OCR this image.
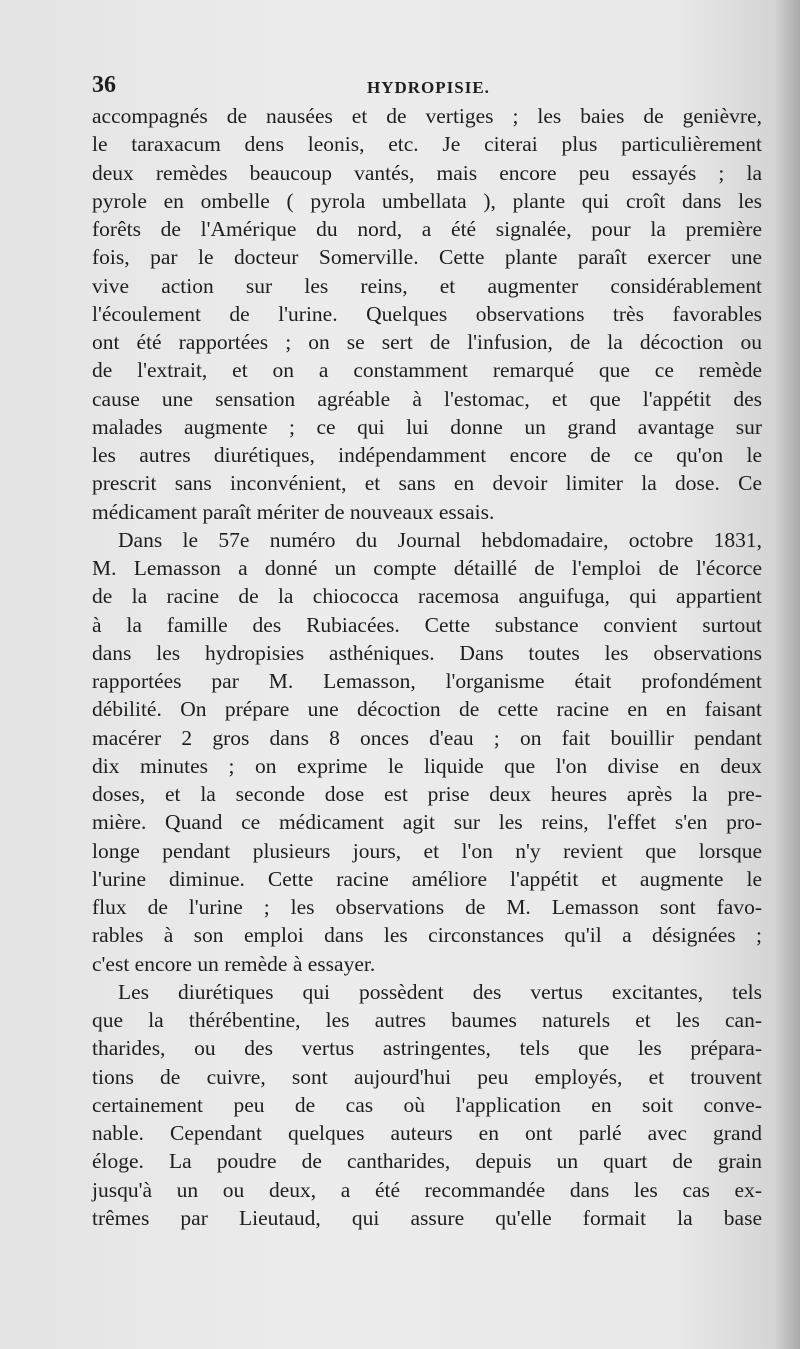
36	HYDROPISIE.
accompagnés de nausées et de vertiges ; les baies de genièvre,
le taraxacum dens leonis, etc. Je citerai plus particulièrement
deux remèdes beaucoup vantés, mais encore peu essayés ; la
pyrole en ombelle ( pyrola umbellata ), plante qui croît dans les
forêts de l'Amérique du nord, a été signalée, pour la première
fois, par le docteur Somerville. Cette plante paraît exercer une
vive action sur les reins, et augmenter considérablement
l'écoulement de l'urine. Quelques observations très favorables
ont été rapportées ; on se sert de l'infusion, de la décoction ou
de l'extrait, et on a constamment remarqué que ce remède
cause une sensation agréable à l'estomac, et que l'appétit des
malades augmente ; ce qui lui donne un grand avantage sur
les autres diurétiques, indépendamment encore de ce qu'on le
prescrit sans inconvénient, et sans en devoir limiter la dose. Ce
médicament paraît mériter de nouveaux essais.
Dans le 57e numéro du Journal hebdomadaire, octobre 1831,
M. Lemasson a donné un compte détaillé de l'emploi de l'écorce
de la racine de la chiococca racemosa anguifuga, qui appartient
à la famille des Rubiacées. Cette substance convient surtout
dans les hydropisies asthéniques. Dans toutes les observations
rapportées par M. Lemasson, l'organisme était profondément
débilité. On prépare une décoction de cette racine en en faisant
macérer 2 gros dans 8 onces d'eau ; on fait bouillir pendant
dix minutes ; on exprime le liquide que l'on divise en deux
doses, et la seconde dose est prise deux heures après la pre-
mière. Quand ce médicament agit sur les reins, l'effet s'en pro-
longe pendant plusieurs jours, et l'on n'y revient que lorsque
l'urine diminue. Cette racine améliore l'appétit et augmente le
flux de l'urine ; les observations de M. Lemasson sont favo-
rables à son emploi dans les circonstances qu'il a désignées ;
c'est encore un remède à essayer.
Les diurétiques qui possèdent des vertus excitantes, tels
que la thérébentine, les autres baumes naturels et les can-
tharides, ou des vertus astringentes, tels que les prépara-
tions de cuivre, sont aujourd'hui peu employés, et trouvent
certainement peu de cas où l'application en soit conve-
nable. Cependant quelques auteurs en ont parlé avec grand
éloge. La poudre de cantharides, depuis un quart de grain
jusqu'à un ou deux, a été recommandée dans les cas ex-
trêmes par Lieutaud, qui assure qu'elle formait la base
